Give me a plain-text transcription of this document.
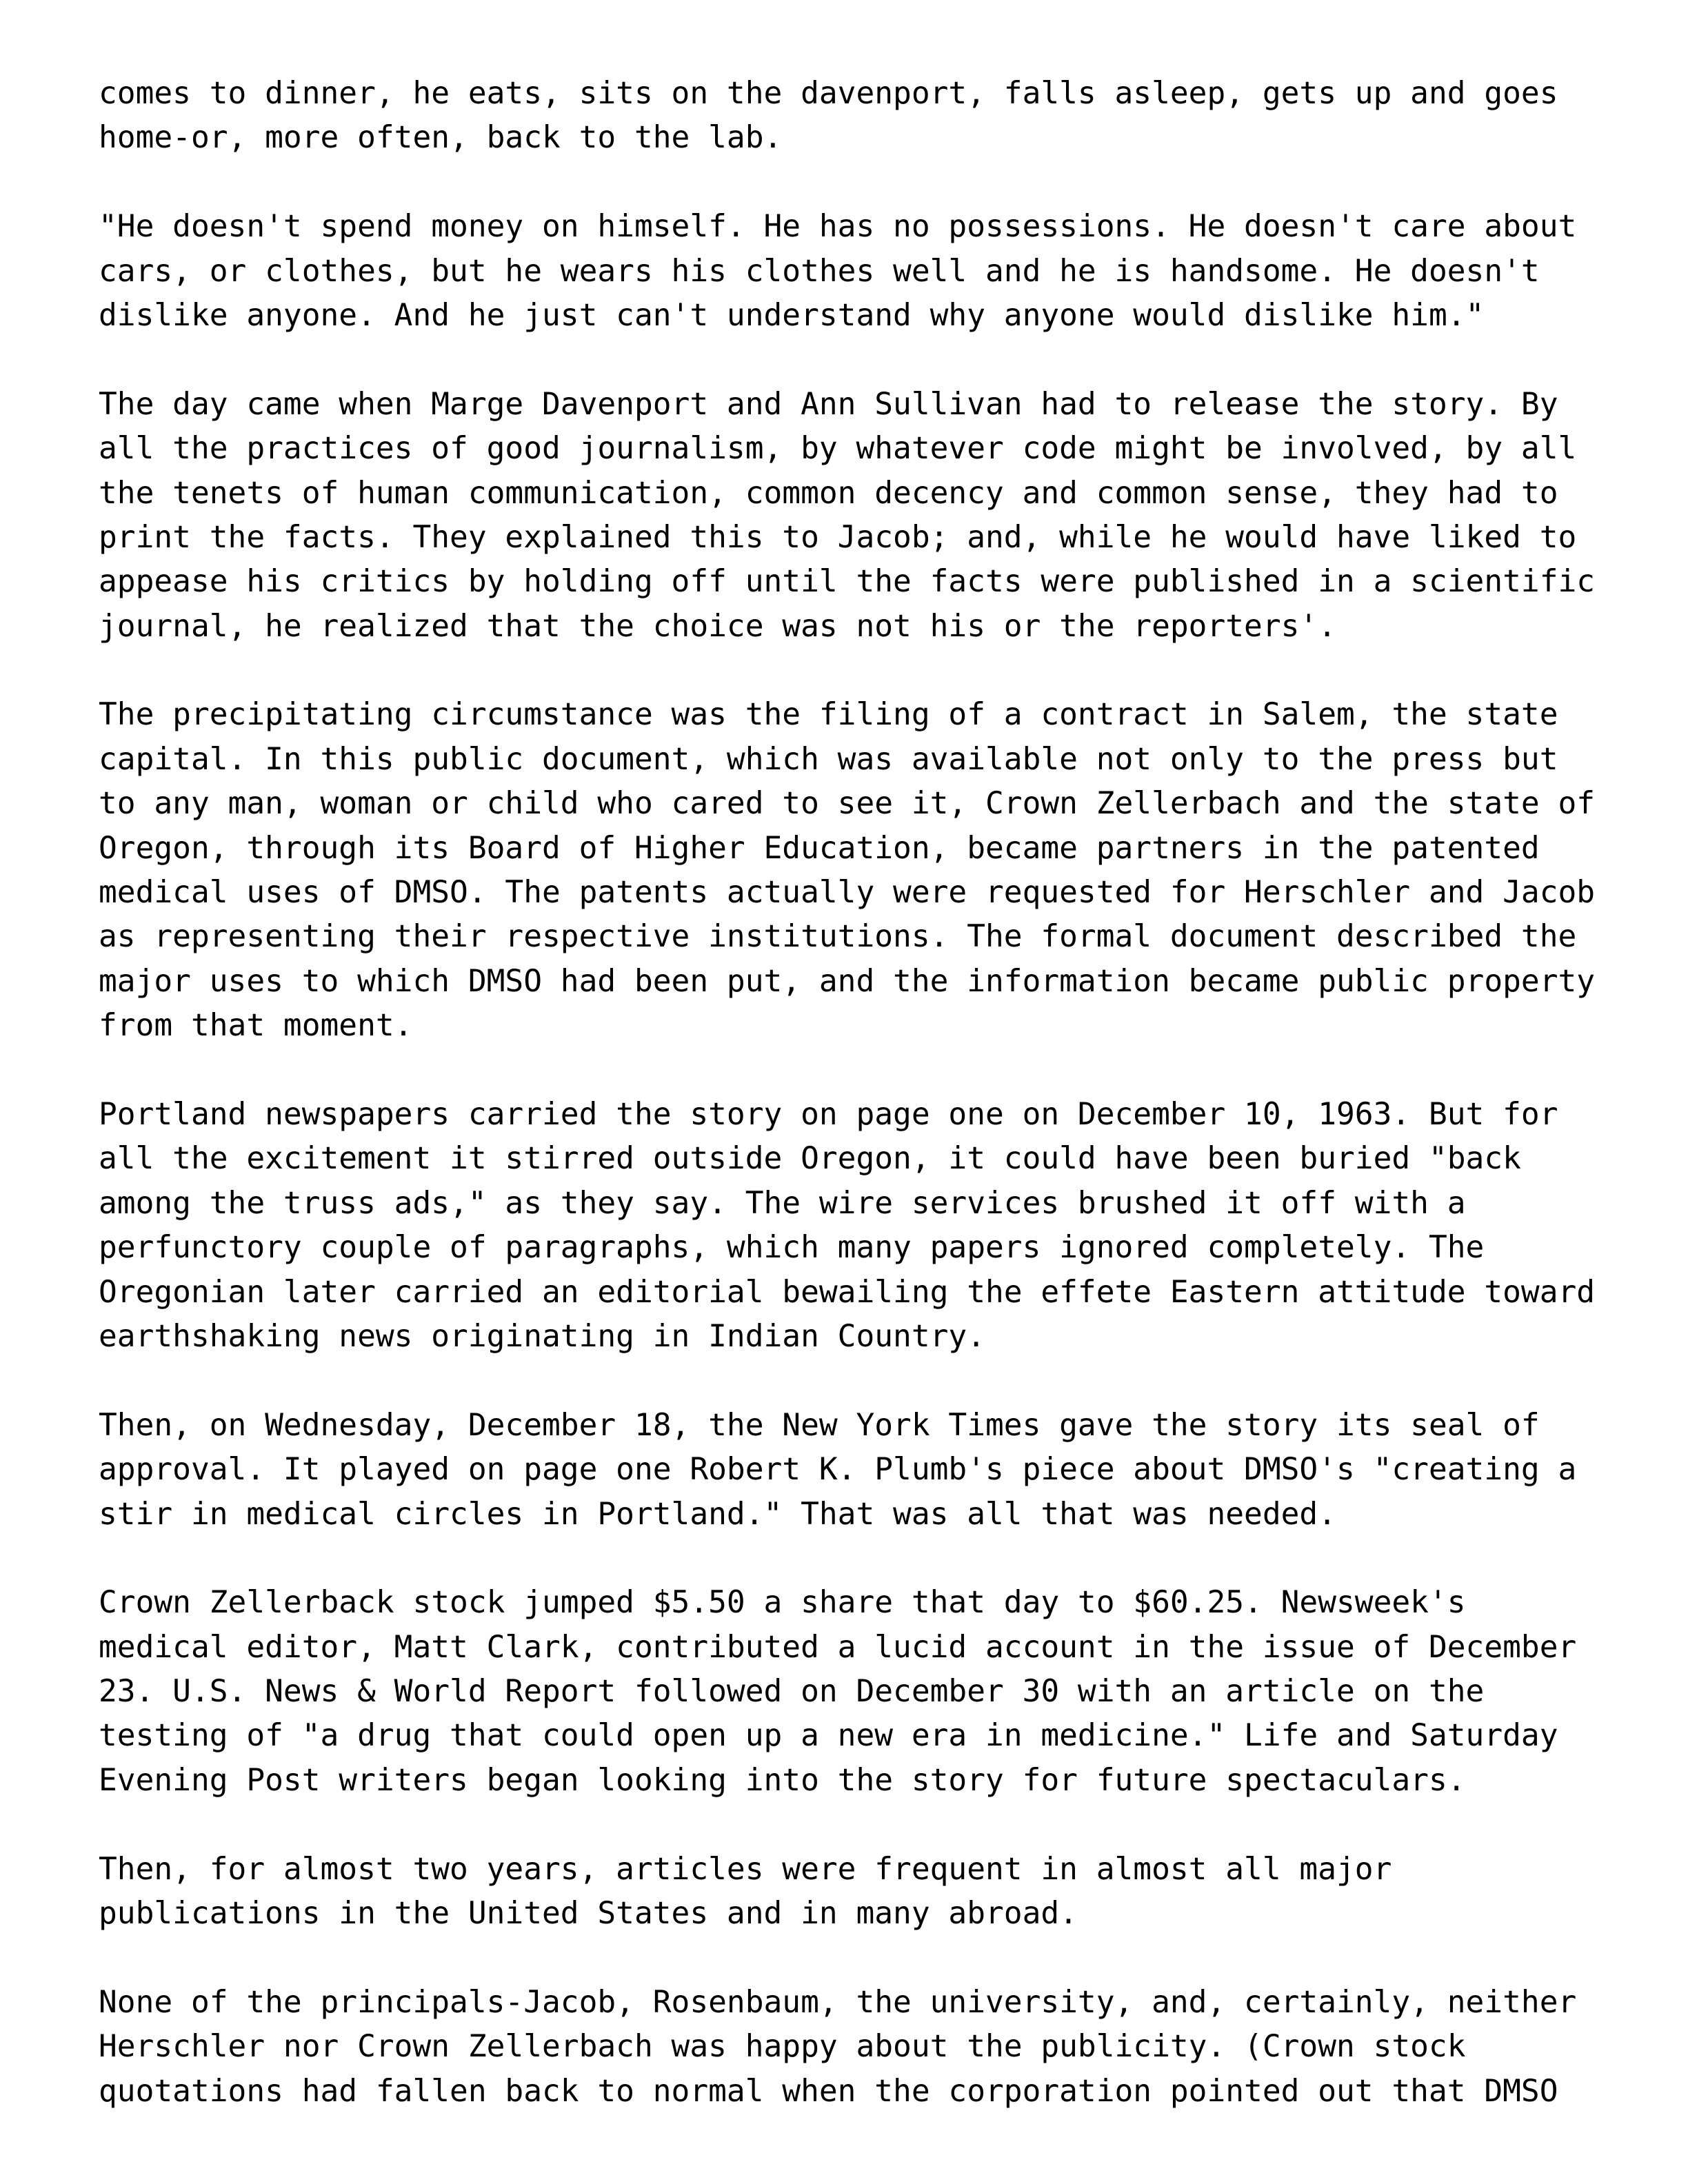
comes to dinner, he eats, sits on the davenport, falls asleep, gets up and goes
home-or, more often, back to the lab.
"He doesn't spend money on himself. He has no possessions. He doesn't care about
cars, or clothes, but he wears his clothes well and he is handsome. He doesn't
dislike anyone. And he just can't understand why anyone would dislike him."
The day came when Marge Davenport and Ann Sullivan had to release the story. By
all the practices of good journalism, by whatever code might be involved, by all
the tenets of human communication, common decency and common sense, they had to
print the facts. They explained this to Jacob; and, while he would have liked to
appease his critics by holding off until the facts were published in a scientific
journal, he realized that the choice was not his or the reporters'.
The precipitating circumstance was the filing of a contract in Salem, the state
capital. In this public document, which was available not only to the press but
to any man, woman or child who cared to see it, Crown Zellerbach and the state of
Oregon, through its Board of Higher Education, became partners in the patented
medical uses of DMSO. The patents actually were requested for Herschler and Jacob
as representing their respective institutions. The formal document described the
major uses to which DMSO had been put, and the information became public property
from that moment.
Portland newspapers carried the story on page one on December 10, 1963. But for
all the excitement it stirred outside Oregon, it could have been buried "back
among the truss ads," as they say. The wire services brushed it off with a
perfunctory couple of paragraphs, which many papers ignored completely. The
Oregonian later carried an editorial bewailing the effete Eastern attitude toward
earthshaking news originating in Indian Country.
Then, on Wednesday, December 18, the New York Times gave the story its seal of
approval. It played on page one Robert K. Plumb's piece about DMSO's "creating a
stir in medical circles in Portland." That was all that was needed.
Crown Zellerback stock jumped $5.50 a share that day to $60.25. Newsweek's
medical editor, Matt Clark, contributed a lucid account in the issue of December
23. U.S. News & World Report followed on December 30 with an article on the
testing of "a drug that could open up a new era in medicine." Life and Saturday
Evening Post writers began looking into the story for future spectaculars.
Then, for almost two years, articles were frequent in almost all major
publications in the United States and in many abroad.
None of the principals-Jacob, Rosenbaum, the university, and, certainly, neither
Herschler nor Crown Zellerbach was happy about the publicity. (Crown stock
quotations had fallen back to normal when the corporation pointed out that DMSO
